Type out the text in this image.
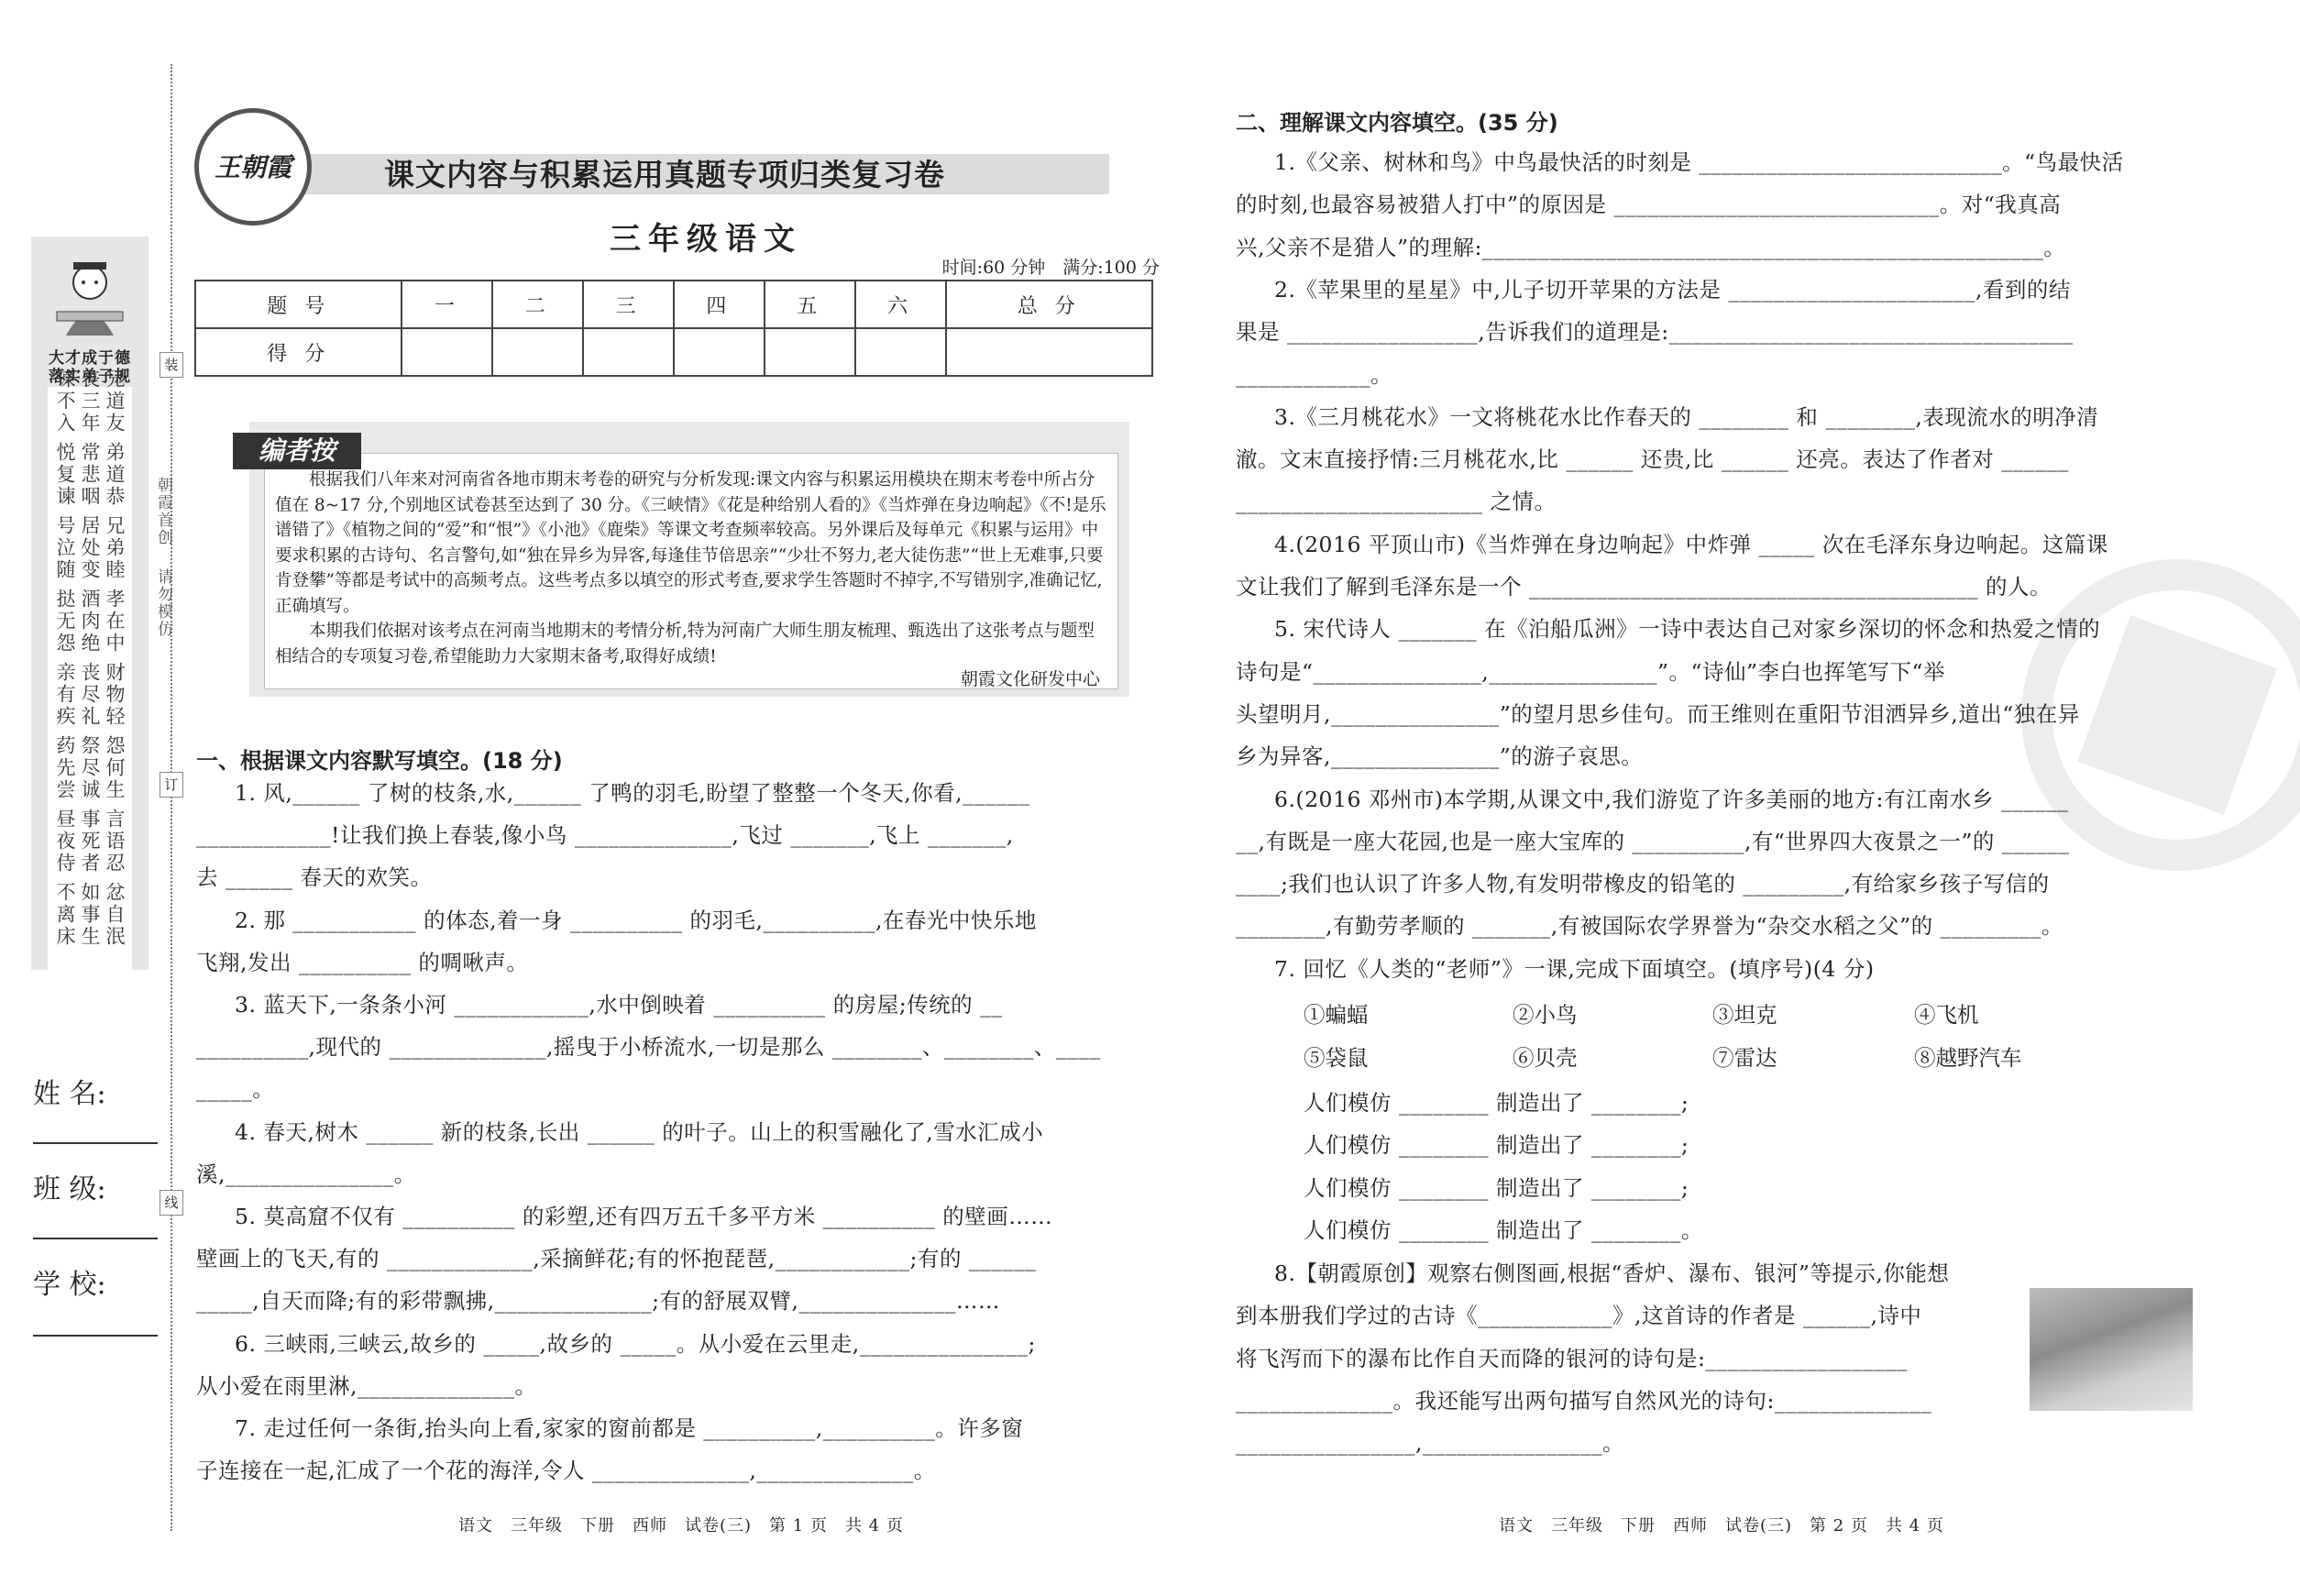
大才成于德
落实弟子规
谏不入 丧三年 兄道友
悦复谏 常悲咽 弟道恭
号泣随 居处变 兄弟睦
挞无怨 酒肉绝 孝在中
亲有疾 丧尽礼 财物轻
药先尝 祭尽诚 怨何生
昼夜侍 事死者 言语忍
不离床 如事生 忿自泯
装
订
线
朝霞首创
请勿模仿
姓 名:
班 级:
学 校:
王朝霞	课文内容与积累运用真题专项归类复习卷
三年级语文
时间:60 分钟　满分:100 分
题 号	一	二	三	四	五	六	总 分
得 分							
编者按
根据我们八年来对河南省各地市期末考卷的研究与分析发现:课文内容与积累运用模块在期末考卷中所占分值在 8~17 分,个别地区试卷甚至达到了 30 分。《三峡情》《花是种给别人看的》《当炸弹在身边响起》《不!是乐谱错了》《植物之间的“爱”和“恨”》《小池》《鹿柴》等课文考查频率较高。另外课后及每单元《积累与运用》中要求积累的古诗句、名言警句,如“独在异乡为异客,每逢佳节倍思亲”“少壮不努力,老大徒伤悲”“世上无难事,只要肯登攀”等都是考试中的高频考点。这些考点多以填空的形式考查,要求学生答题时不掉字,不写错别字,准确记忆,正确填写。
本期我们依据对该考点在河南当地期末的考情分析,特为河南广大师生朋友梳理、甄选出了这张考点与题型相结合的专项复习卷,希望能助力大家期末备考,取得好成绩!
朝霞文化研发中心
一、根据课文内容默写填空。(18 分)
1. 风,______ 了树的枝条,水,______ 了鸭的羽毛,盼望了整整一个冬天,你看,______
____________!让我们换上春装,像小鸟 ______________,飞过 _______,飞上 _______,
去 ______ 春天的欢笑。
2. 那 ___________ 的体态,着一身 __________ 的羽毛,__________,在春光中快乐地
飞翔,发出 __________ 的啁啾声。
3. 蓝天下,一条条小河 ____________,水中倒映着 __________ 的房屋;传统的 __
__________,现代的 ______________,摇曳于小桥流水,一切是那么 ________、________、____
_____。
4. 春天,树木 ______ 新的枝条,长出 ______ 的叶子。山上的积雪融化了,雪水汇成小
溪,_______________。
5. 莫高窟不仅有 __________ 的彩塑,还有四万五千多平方米 __________ 的壁画……
壁画上的飞天,有的 _____________,采摘鲜花;有的怀抱琵琶,____________;有的 ______
_____,自天而降;有的彩带飘拂,______________;有的舒展双臂,______________……
6. 三峡雨,三峡云,故乡的 _____,故乡的 _____。从小爱在云里走,_______________;
从小爱在雨里淋,______________。
7. 走过任何一条街,抬头向上看,家家的窗前都是 __________,__________。许多窗
子连接在一起,汇成了一个花的海洋,令人 ______________,______________。
二、理解课文内容填空。(35 分)
1.《父亲、树林和鸟》中鸟最快活的时刻是 ___________________________。“鸟最快活
的时刻,也最容易被猎人打中”的原因是 _____________________________。对“我真高
兴,父亲不是猎人”的理解:__________________________________________________。
2.《苹果里的星星》中,儿子切开苹果的方法是 ______________________,看到的结
果是 _________________,告诉我们的道理是:____________________________________
____________。
3.《三月桃花水》一文将桃花水比作春天的 ________ 和 ________,表现流水的明净清
澈。文末直接抒情:三月桃花水,比 ______ 还贵,比 ______ 还亮。表达了作者对 ______
______________________ 之情。
4.(2016 平顶山市)《当炸弹在身边响起》中炸弹 _____ 次在毛泽东身边响起。这篇课
文让我们了解到毛泽东是一个 ________________________________________ 的人。
5. 宋代诗人 _______ 在《泊船瓜洲》一诗中表达自己对家乡深切的怀念和热爱之情的
诗句是“_______________,_______________”。“诗仙”李白也挥笔写下“举
头望明月,_______________”的望月思乡佳句。而王维则在重阳节泪洒异乡,道出“独在异
乡为异客,_______________”的游子哀思。
6.(2016 邓州市)本学期,从课文中,我们游览了许多美丽的地方:有江南水乡 ______
__,有既是一座大花园,也是一座大宝库的 __________,有“世界四大夜景之一”的 ______
____;我们也认识了许多人物,有发明带橡皮的铅笔的 _________,有给家乡孩子写信的
________,有勤劳孝顺的 _______,有被国际农学界誉为“杂交水稻之父”的 _________。
7. 回忆《人类的“老师”》一课,完成下面填空。(填序号)(4 分)
①蝙蝠	②小鸟	③坦克	④飞机
⑤袋鼠	⑥贝壳	⑦雷达	⑧越野汽车
人们模仿 ________ 制造出了 ________;
人们模仿 ________ 制造出了 ________;
人们模仿 ________ 制造出了 ________;
人们模仿 ________ 制造出了 ________。
8.【朝霞原创】观察右侧图画,根据“香炉、瀑布、银河”等提示,你能想
到本册我们学过的古诗《____________》,这首诗的作者是 ______,诗中
将飞泻而下的瀑布比作自天而降的银河的诗句是:__________________
______________。我还能写出两句描写自然风光的诗句:______________
________________,________________。
语文　三年级　下册　西师　试卷(三)　第 1 页　共 4 页	语文　三年级　下册　西师　试卷(三)　第 2 页　共 4 页
